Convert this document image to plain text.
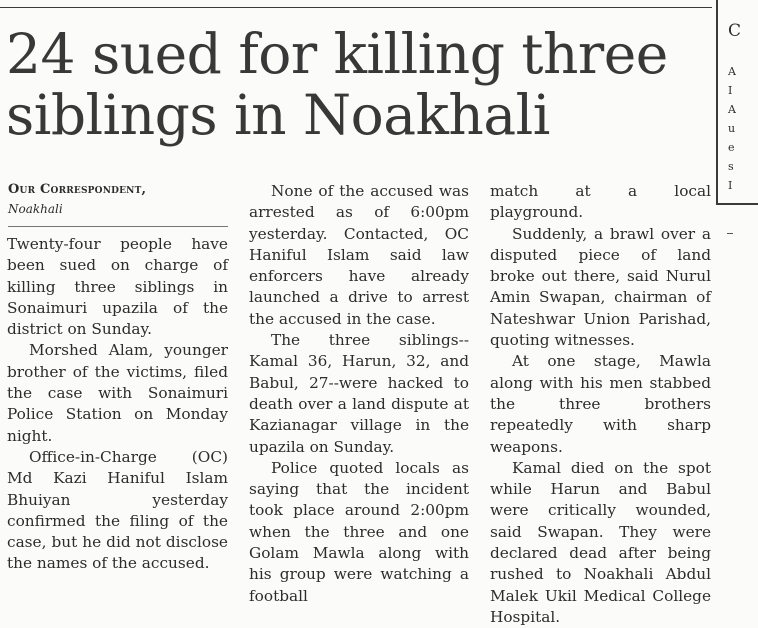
C
A
I
A
u
e
s
I
24 sued for killing three
siblings in Noakhali
Our Correspondent,
Noakhali

Twenty-four people have been sued on charge of killing three siblings in Sonaimuri upazila of the district on Sunday.

Morshed Alam, younger brother of the victims, filed the case with Sonaimuri Police Station on Monday night.

Office-in-Charge (OC) Md Kazi Haniful Islam Bhuiyan yesterday confirmed the filing of the case, but he did not disclose the names of the accused.

None of the accused was arrested as of 6:00pm yesterday. Contacted, OC Haniful Islam said law enforcers have already launched a drive to arrest the accused in the case.

The three siblings--Kamal 36, Harun, 32, and Babul, 27--were hacked to death over a land dispute at Kazianagar village in the upazila on Sunday.

Police quoted locals as saying that the incident took place around 2:00pm when the three and one Golam Mawla along with his group were watching a football

match at a local playground.

Suddenly, a brawl over a disputed piece of land broke out there, said Nurul Amin Swapan, chairman of Nateshwar Union Parishad, quoting witnesses.

At one stage, Mawla along with his men stabbed the three brothers repeatedly with sharp weapons.

Kamal died on the spot while Harun and Babul were critically wounded, said Swapan. They were declared dead after being rushed to Noakhali Abdul Malek Ukil Medical College Hospital.
